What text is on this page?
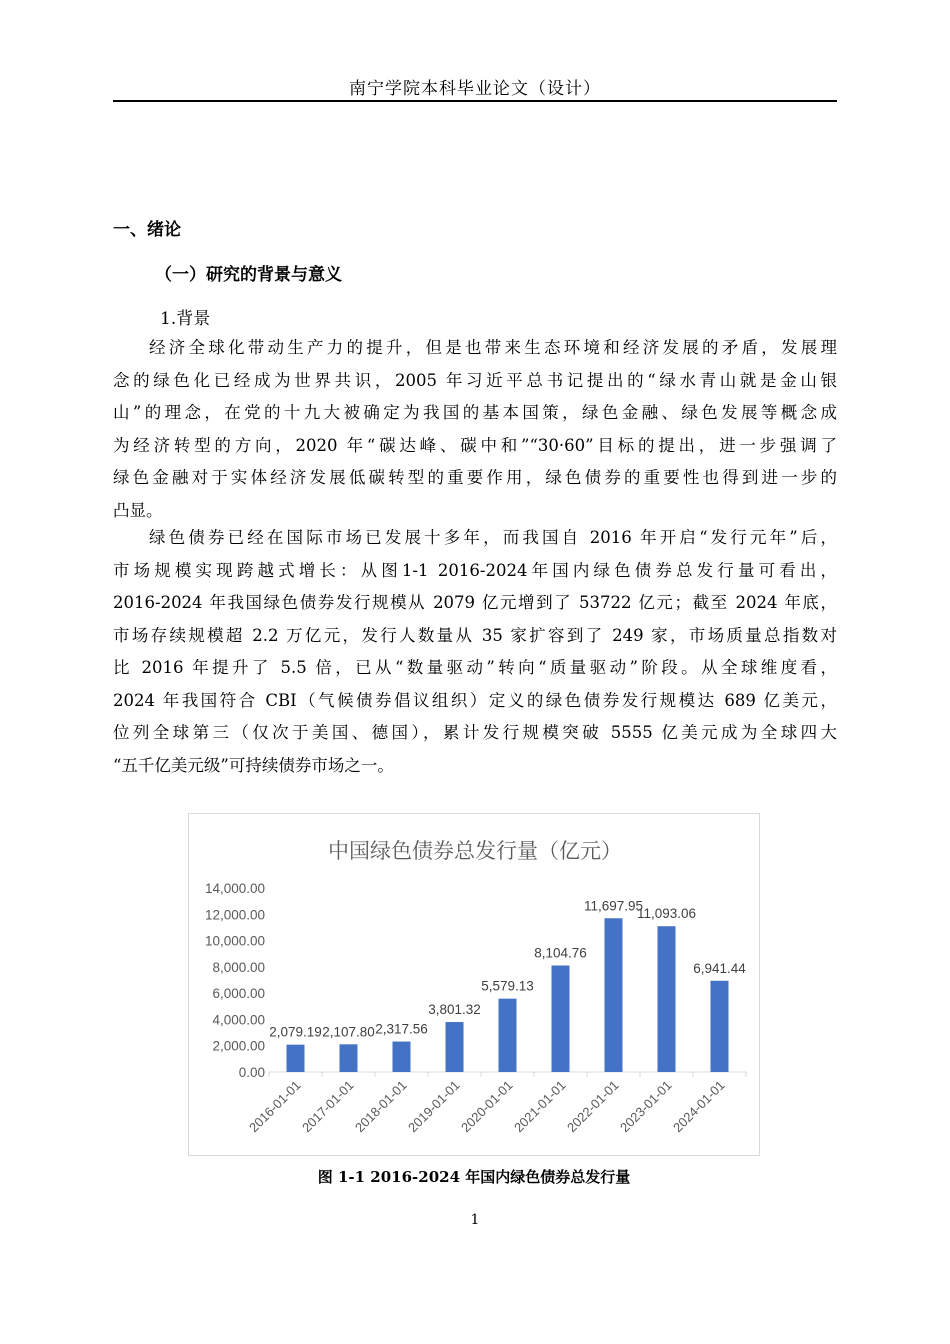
南宁学院本科毕业论文（设计）
一、绪论
（一）研究的背景与意义
1.背景
经济全球化带动生产力的提升，但是也带来生态环境和经济发展的矛盾，发展理
念的绿色化已经成为世界共识，2005 年习近平总书记提出的“绿水青山就是金山银
山”的理念，在党的十九大被确定为我国的基本国策，绿色金融、绿色发展等概念成
为经济转型的方向，2020 年“碳达峰、碳中和”“30·60”目标的提出，进一步强调了
绿色金融对于实体经济发展低碳转型的重要作用，绿色债券的重要性也得到进一步的
凸显。
绿色债券已经在国际市场已发展十多年，而我国自 2016 年开启“发行元年”后，
市场规模实现跨越式增长：从图1-1 2016-2024年国内绿色债券总发行量可看出，
2016-2024 年我国绿色债券发行规模从 2079 亿元增到了 53722 亿元；截至 2024 年底，
市场存续规模超 2.2 万亿元，发行人数量从 35 家扩容到了 249 家，市场质量总指数对
比 2016 年提升了 5.5 倍，已从“数量驱动”转向“质量驱动”阶段。从全球维度看，
2024 年我国符合 CBI（气候债券倡议组织）定义的绿色债券发行规模达 689 亿美元，
位列全球第三（仅次于美国、德国），累计发行规模突破 5555 亿美元成为全球四大
“五千亿美元级”可持续债券市场之一。
中国绿色债券总发行量（亿元）
0.00
2,000.00
4,000.00
6,000.00
8,000.00
10,000.00
12,000.00
14,000.00
2,079.19
2016-01-01
2,107.80
2017-01-01
2,317.56
2018-01-01
3,801.32
2019-01-01
5,579.13
2020-01-01
8,104.76
2021-01-01
11,697.95
2022-01-01
11,093.06
2023-01-01
6,941.44
2024-01-01
图 1-1 2016-2024 年国内绿色债券总发行量
1
